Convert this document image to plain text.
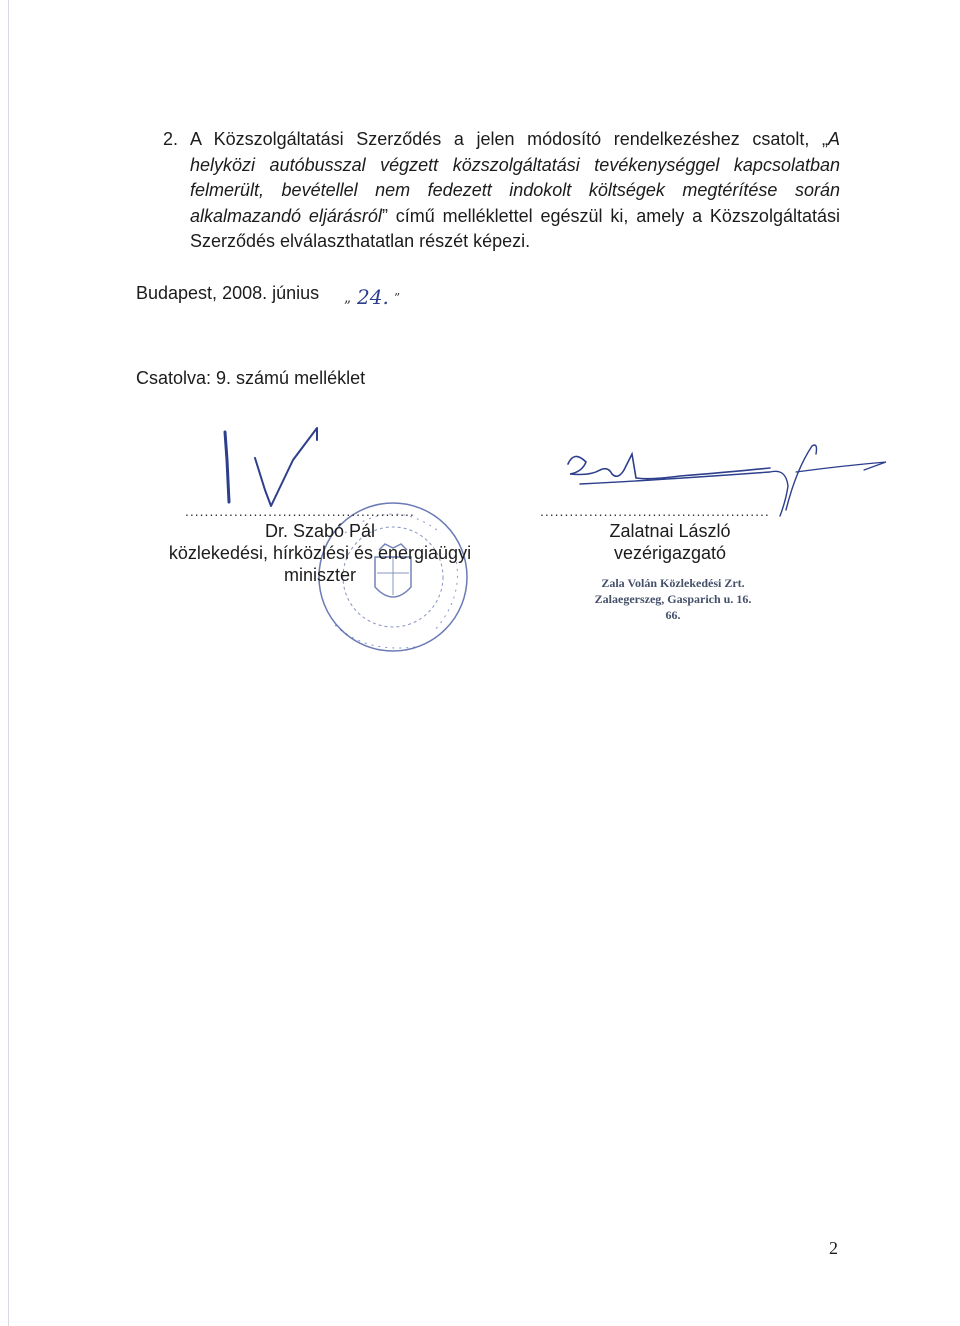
2. A Közszolgáltatási Szerződés a jelen módosító rendelkezéshez csatolt, „A helyközi autóbusszal végzett közszolgáltatási tevékenységgel kapcsolatban felmerült, bevétellel nem fedezett indokolt költségek megtérítése során alkalmazandó eljárásról” című melléklettel egészül ki, amely a Közszolgáltatási Szerződés elválaszthatatlan részét képezi.
Budapest, 2008. június „ 24. ”
Csatolva: 9. számú melléklet
...............................................	...............................................
Dr. Szabó Pál
közlekedési, hírközlési és energiaügyi
miniszter
Zalatnai László
vezérigazgató
Zala Volán Közlekedési Zrt.
Zalaegerszeg, Gasparich u. 16.
66.
2
